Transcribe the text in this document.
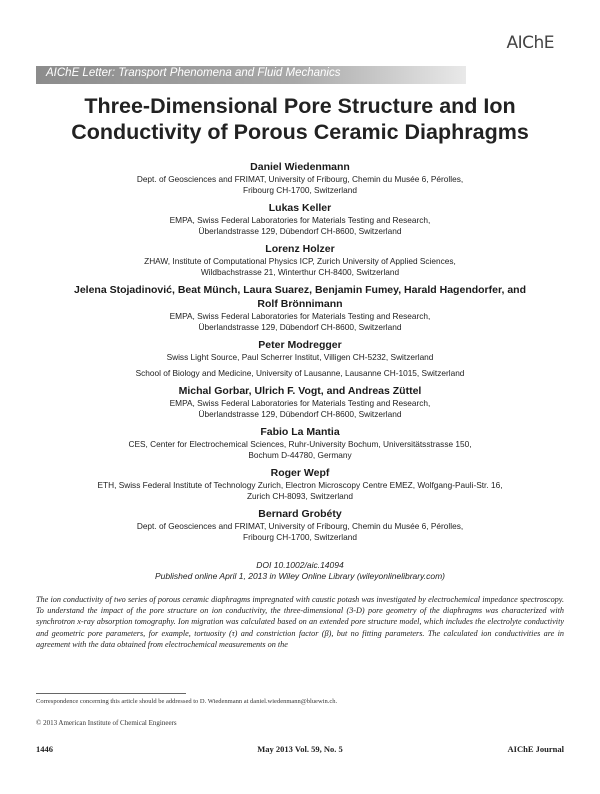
AIChE
AIChE Letter: Transport Phenomena and Fluid Mechanics
Three-Dimensional Pore Structure and Ion
Conductivity of Porous Ceramic Diaphragms

Daniel Wiedenmann

Dept. of Geosciences and FRIMAT, University of Fribourg, Chemin du Musée 6, Pérolles,

Fribourg CH-1700, Switzerland

Lukas Keller

EMPA, Swiss Federal Laboratories for Materials Testing and Research,

Überlandstrasse 129, Dübendorf CH-8600, Switzerland

Lorenz Holzer

ZHAW, Institute of Computational Physics ICP, Zurich University of Applied Sciences,

Wildbachstrasse 21, Winterthur CH-8400, Switzerland

Jelena Stojadinović, Beat Münch, Laura Suarez, Benjamin Fumey, Harald Hagendorfer, and

Rolf Brönnimann

EMPA, Swiss Federal Laboratories for Materials Testing and Research,

Überlandstrasse 129, Dübendorf CH-8600, Switzerland

Peter Modregger

Swiss Light Source, Paul Scherrer Institut, Villigen CH-5232, Switzerland

School of Biology and Medicine, University of Lausanne, Lausanne CH-1015, Switzerland

Michal Gorbar, Ulrich F. Vogt, and Andreas Züttel

EMPA, Swiss Federal Laboratories for Materials Testing and Research,

Überlandstrasse 129, Dübendorf CH-8600, Switzerland

Fabio La Mantia

CES, Center for Electrochemical Sciences, Ruhr-University Bochum, Universitätsstrasse 150,

Bochum D-44780, Germany

Roger Wepf

ETH, Swiss Federal Institute of Technology Zurich, Electron Microscopy Centre EMEZ, Wolfgang-Pauli-Str. 16,

Zurich CH-8093, Switzerland

Bernard Grobéty

Dept. of Geosciences and FRIMAT, University of Fribourg, Chemin du Musée 6, Pérolles,

Fribourg CH-1700, Switzerland

DOI 10.1002/aic.14094
Published online April 1, 2013 in Wiley Online Library (wileyonlinelibrary.com)

The ion conductivity of two series of porous ceramic diaphragms impregnated with caustic potash was investigated by electrochemical impedance spectroscopy. To understand the impact of the pore structure on ion conductivity, the three-dimensional (3-D) pore geometry of the diaphragms was characterized with synchrotron x-ray absorption tomography. Ion migration was calculated based on an extended pore structure model, which includes the electrolyte conductivity and geometric pore parameters, for example, tortuosity (τ) and constriction factor (β), but no fitting parameters. The calculated ion conductivities are in agreement with the data obtained from electrochemical measurements on the

Correspondence concerning this article should be addressed to D. Wiedenmann at daniel.wiedenmann@bluewin.ch.
© 2013 American Institute of Chemical Engineers
1446	May 2013 Vol. 59, No. 5	AIChE Journal
